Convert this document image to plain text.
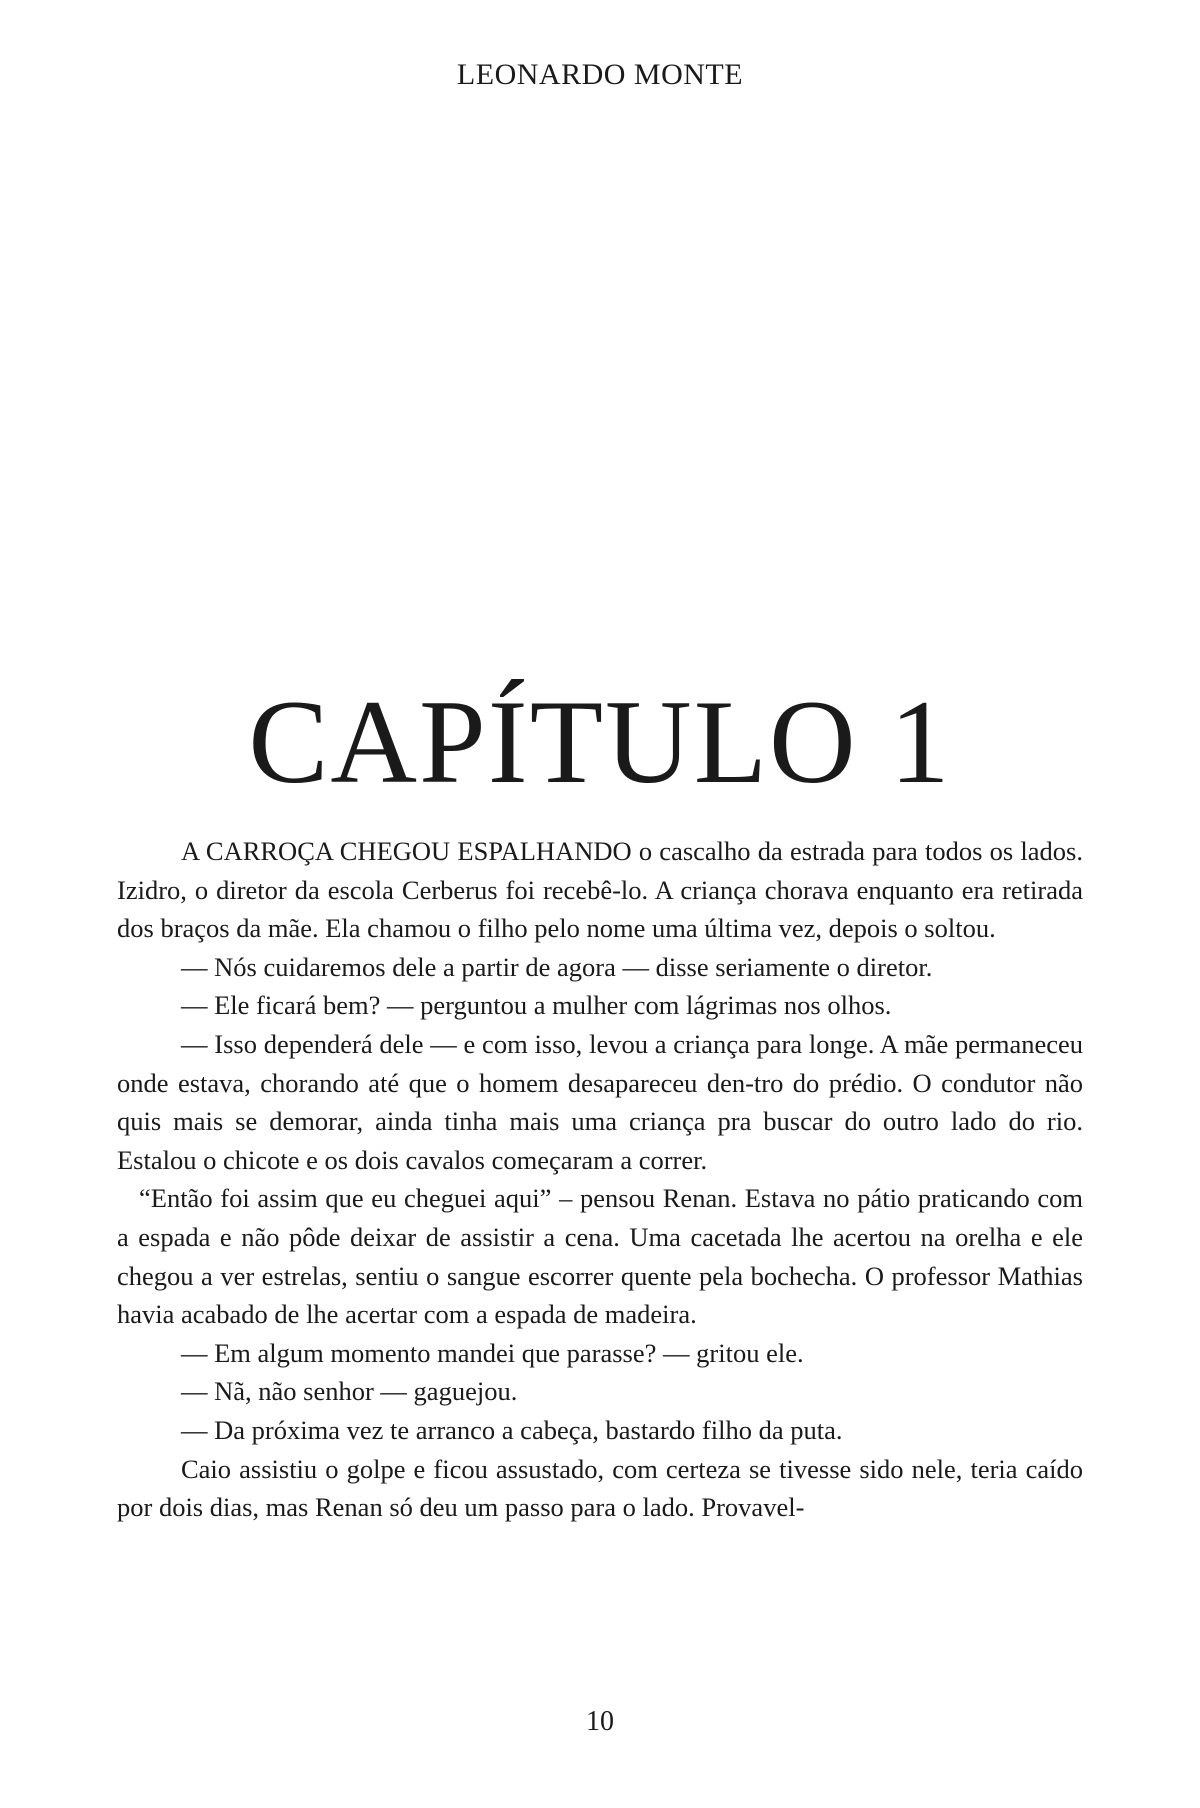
LEONARDO MONTE
CAPÍTULO 1

A CARROÇA CHEGOU ESPALHANDO o cascalho da estrada para todos os lados. Izidro, o diretor da escola Cerberus foi recebê-lo. A criança chorava enquanto era retirada dos braços da mãe. Ela chamou o filho pelo nome uma última vez, depois o soltou.

— Nós cuidaremos dele a partir de agora — disse seriamente o diretor.

— Ele ficará bem? — perguntou a mulher com lágrimas nos olhos.

— Isso dependerá dele — e com isso, levou a criança para longe. A mãe permaneceu onde estava, chorando até que o homem desapareceu den-tro do prédio. O condutor não quis mais se demorar, ainda tinha mais uma criança pra buscar do outro lado do rio. Estalou o chicote e os dois cavalos começaram a correr.

“Então foi assim que eu cheguei aqui” – pensou Renan. Estava no pátio praticando com a espada e não pôde deixar de assistir a cena. Uma cacetada lhe acertou na orelha e ele chegou a ver estrelas, sentiu o sangue escorrer quente pela bochecha. O professor Mathias havia acabado de lhe acertar com a espada de madeira.

— Em algum momento mandei que parasse? — gritou ele.

— Nã, não senhor — gaguejou.

— Da próxima vez te arranco a cabeça, bastardo filho da puta.

Caio assistiu o golpe e ficou assustado, com certeza se tivesse sido nele, teria caído por dois dias, mas Renan só deu um passo para o lado. Provavel-

10
